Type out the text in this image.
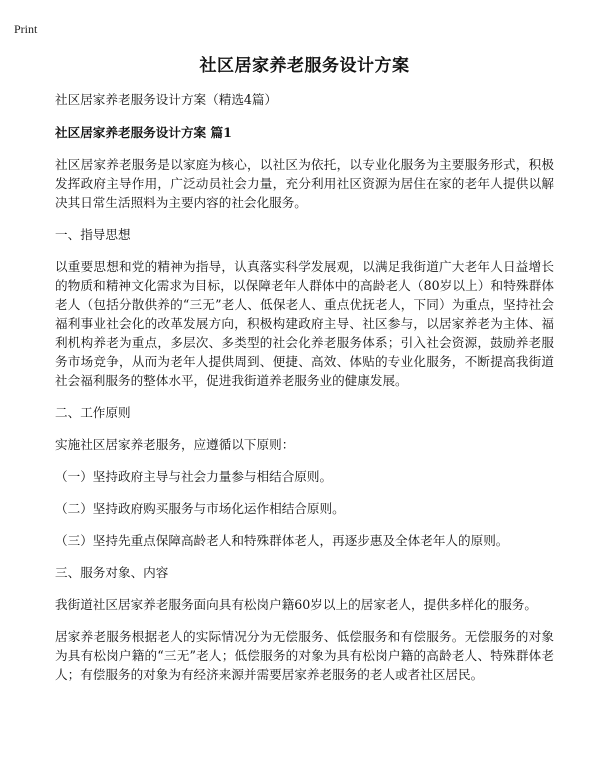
Print
社区居家养老服务设计方案

社区居家养老服务设计方案（精选4篇）

社区居家养老服务设计方案 篇1

社区居家养老服务是以家庭为核心，以社区为依托，以专业化服务为主要服务形式，积极发挥政府主导作用，广泛动员社会力量，充分利用社区资源为居住在家的老年人提供以解决其日常生活照料为主要内容的社会化服务。

一、指导思想

以重要思想和党的精神为指导，认真落实科学发展观，以满足我街道广大老年人日益增长的物质和精神文化需求为目标，以保障老年人群体中的高龄老人（80岁以上）和特殊群体老人（包括分散供养的“三无”老人、低保老人、重点优抚老人，下同）为重点，坚持社会福利事业社会化的改革发展方向，积极构建政府主导、社区参与，以居家养老为主体、福利机构养老为重点，多层次、多类型的社会化养老服务体系；引入社会资源，鼓励养老服务市场竞争，从而为老年人提供周到、便捷、高效、体贴的专业化服务，不断提高我街道社会福利服务的整体水平，促进我街道养老服务业的健康发展。

二、工作原则

实施社区居家养老服务，应遵循以下原则：

（一）坚持政府主导与社会力量参与相结合原则。

（二）坚持政府购买服务与市场化运作相结合原则。

（三）坚持先重点保障高龄老人和特殊群体老人，再逐步惠及全体老年人的原则。

三、服务对象、内容

我街道社区居家养老服务面向具有松岗户籍60岁以上的居家老人，提供多样化的服务。

居家养老服务根据老人的实际情况分为无偿服务、低偿服务和有偿服务。无偿服务的对象为具有松岗户籍的“三无”老人；低偿服务的对象为具有松岗户籍的高龄老人、特殊群体老人；有偿服务的对象为有经济来源并需要居家养老服务的老人或者社区居民。
